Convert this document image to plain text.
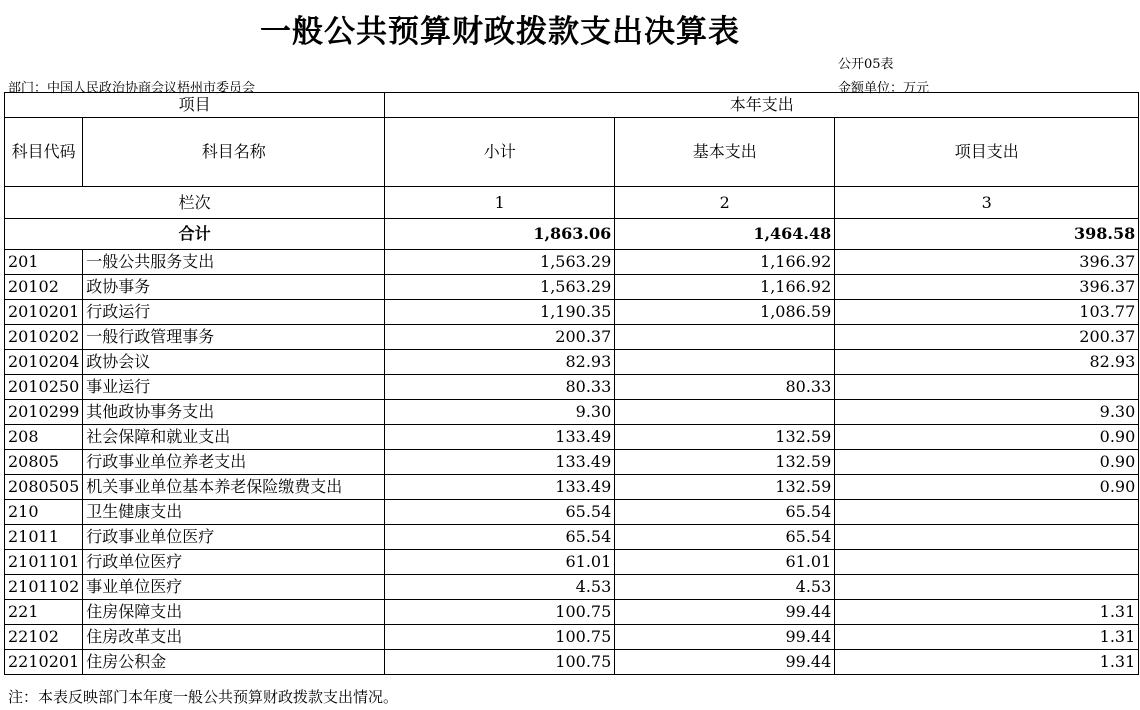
一般公共预算财政拨款支出决算表
公开05表
部门：中国人民政治协商会议梧州市委员会	金额单位：万元
项目		本年支出		
科目代码	科目名称	小计	基本支出	项目支出
栏次		1	2	3
合计		1,863.06	1,464.48	398.58
201	一般公共服务支出	1,563.29	1,166.92	396.37
20102	政协事务	1,563.29	1,166.92	396.37
2010201	行政运行	1,190.35	1,086.59	103.77
2010202	一般行政管理事务	200.37		200.37
2010204	政协会议	82.93		82.93
2010250	事业运行	80.33	80.33	
2010299	其他政协事务支出	9.30		9.30
208	社会保障和就业支出	133.49	132.59	0.90
20805	行政事业单位养老支出	133.49	132.59	0.90
2080505	机关事业单位基本养老保险缴费支出	133.49	132.59	0.90
210	卫生健康支出	65.54	65.54	
21011	行政事业单位医疗	65.54	65.54	
2101101	行政单位医疗	61.01	61.01	
2101102	事业单位医疗	4.53	4.53	
221	住房保障支出	100.75	99.44	1.31
22102	住房改革支出	100.75	99.44	1.31
2210201	住房公积金	100.75	99.44	1.31
注：本表反映部门本年度一般公共预算财政拨款支出情况。
